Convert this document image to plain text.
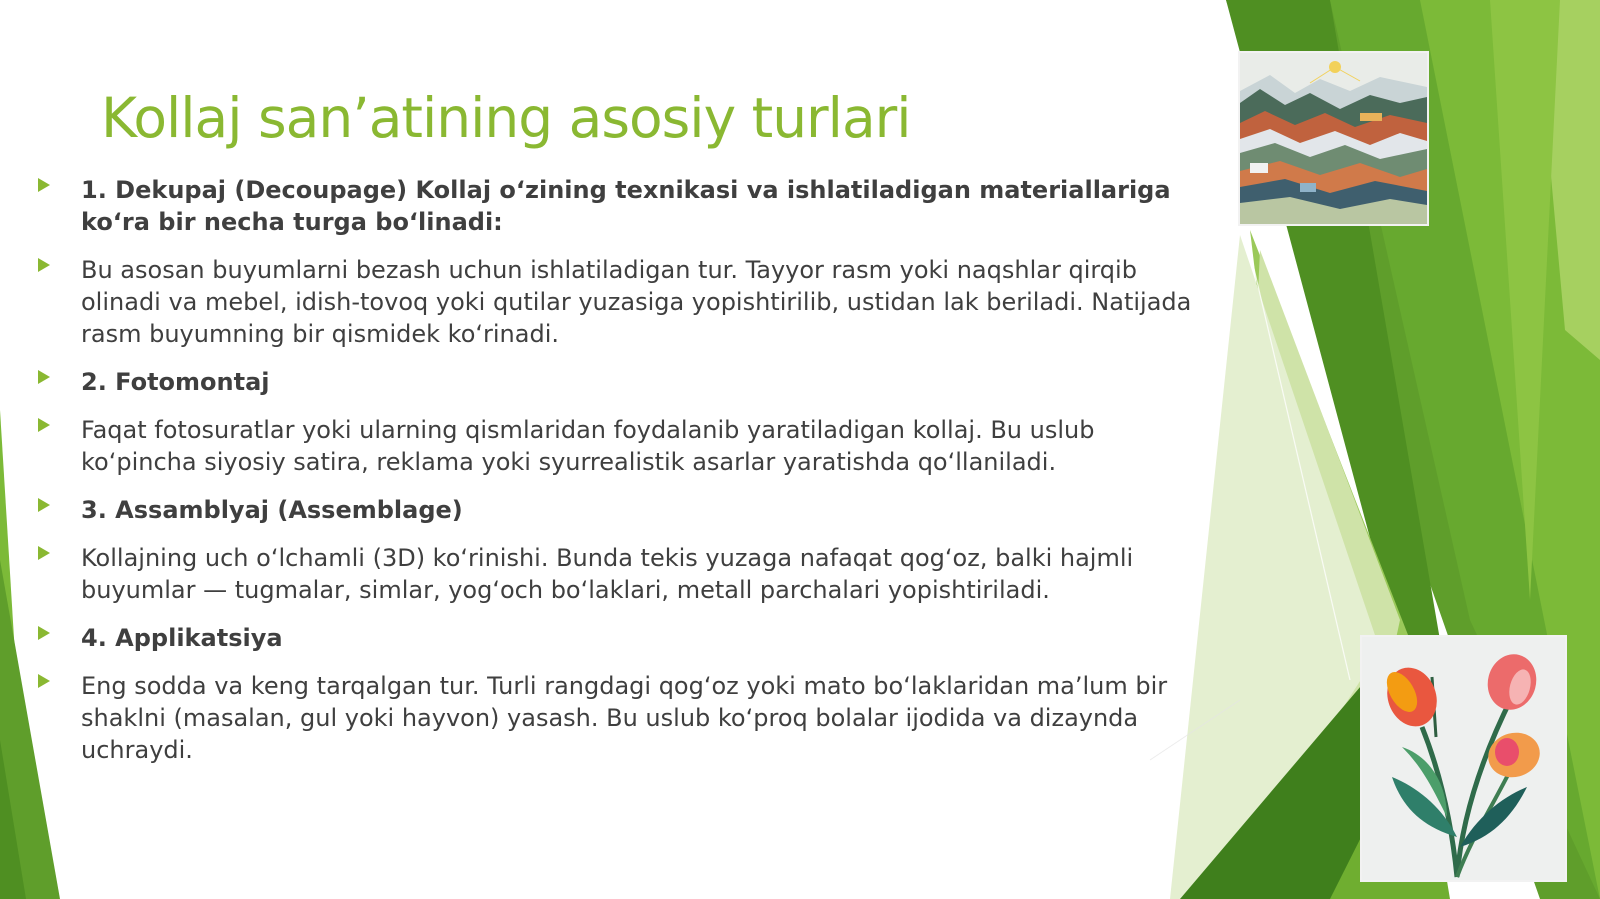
Kollaj san’atining asosiy turlari
1. Dekupaj (Decoupage) Kollaj o‘zining texnikasi va ishlatiladigan materiallariga ko‘ra bir necha turga bo‘linadi:
Bu asosan buyumlarni bezash uchun ishlatiladigan tur. Tayyor rasm yoki naqshlar qirqib olinadi va mebel, idish-tovoq yoki qutilar yuzasiga yopishtirilib, ustidan lak beriladi. Natijada rasm buyumning bir qismidek ko‘rinadi.
2. Fotomontaj
Faqat fotosuratlar yoki ularning qismlaridan foydalanib yaratiladigan kollaj. Bu uslub ko‘pincha siyosiy satira, reklama yoki syurrealistik asarlar yaratishda qo‘llaniladi.
3. Assamblyaj (Assemblage)
Kollajning uch o‘lchamli (3D) ko‘rinishi. Bunda tekis yuzaga nafaqat qog‘oz, balki hajmli buyumlar — tugmalar, simlar, yog‘och bo‘laklari, metall parchalari yopishtiriladi.
4. Applikatsiya
Eng sodda va keng tarqalgan tur. Turli rangdagi qog‘oz yoki mato bo‘laklaridan ma’lum bir shaklni (masalan, gul yoki hayvon) yasash. Bu uslub ko‘proq bolalar ijodida va dizaynda uchraydi.
